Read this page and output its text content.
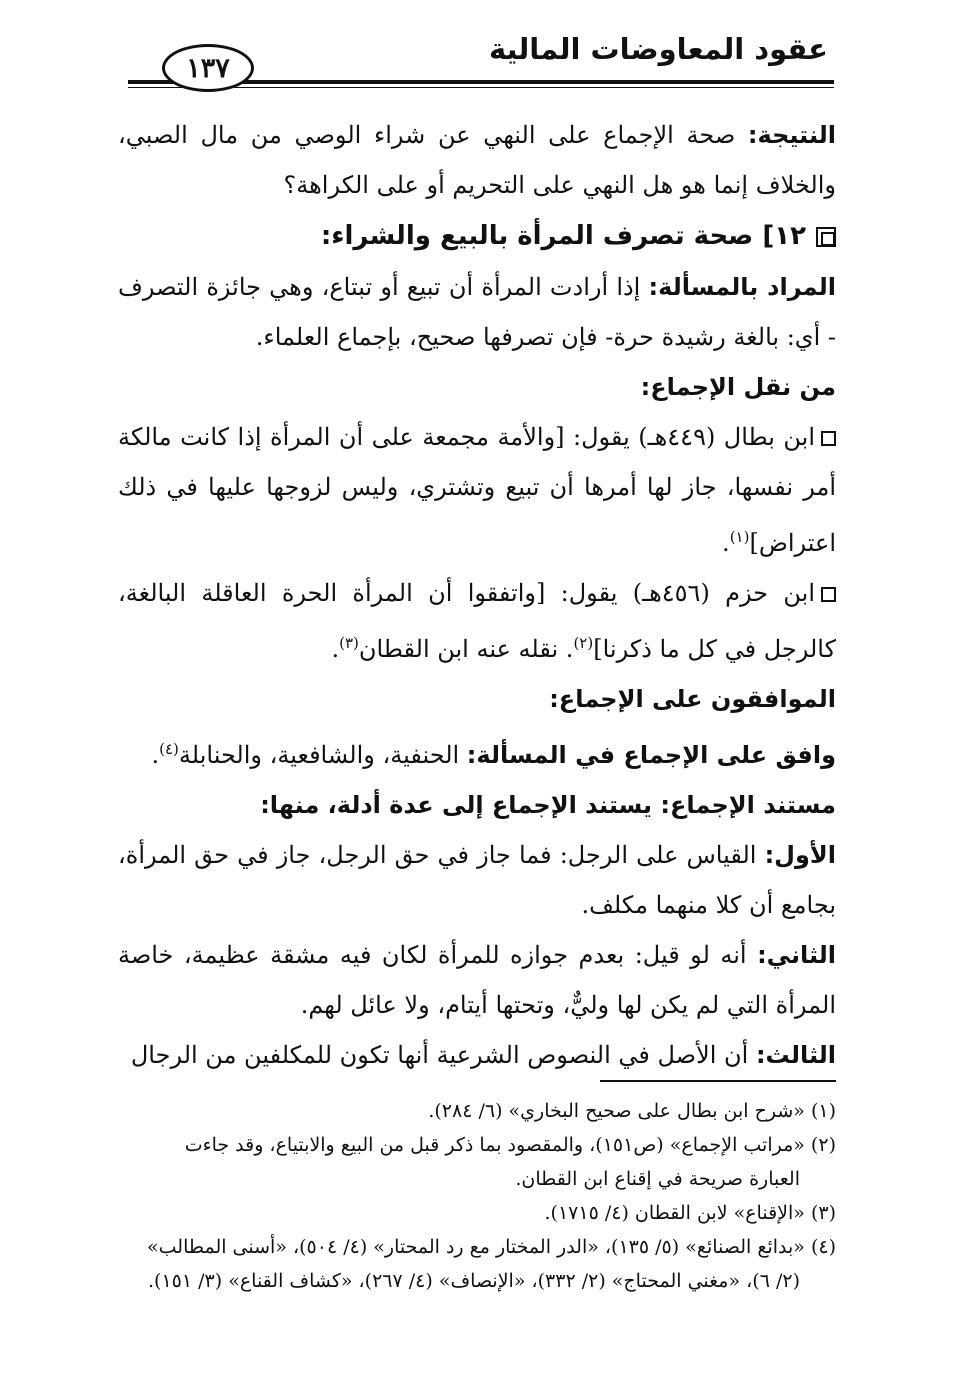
عقود المعاوضات المالية
١٣٧

النتيجة: صحة الإجماع على النهي عن شراء الوصي من مال الصبي، والخلاف إنما هو هل النهي على التحريم أو على الكراهة؟

١٢] صحة تصرف المرأة بالبيع والشراء:

المراد بالمسألة: إذا أرادت المرأة أن تبيع أو تبتاع، وهي جائزة التصرف - أي: بالغة رشيدة حرة- فإن تصرفها صحيح، بإجماع العلماء.

من نقل الإجماع:

ابن بطال (٤٤٩هـ) يقول: [والأمة مجمعة على أن المرأة إذا كانت مالكة أمر نفسها، جاز لها أمرها أن تبيع وتشتري، وليس لزوجها عليها في ذلك اعتراض]$^{(١)}$.

ابن حزم (٤٥٦هـ) يقول: [واتفقوا أن المرأة الحرة العاقلة البالغة، كالرجل في كل ما ذكرنا]$^{(٢)}$. نقله عنه ابن القطان$^{(٣)}$.

الموافقون على الإجماع:

وافق على الإجماع في المسألة: الحنفية، والشافعية، والحنابلة$^{(٤)}$.

مستند الإجماع: يستند الإجماع إلى عدة أدلة، منها:

الأول: القياس على الرجل: فما جاز في حق الرجل، جاز في حق المرأة، بجامع أن كلا منهما مكلف.

الثاني: أنه لو قيل: بعدم جوازه للمرأة لكان فيه مشقة عظيمة، خاصة المرأة التي لم يكن لها وليٌّ، وتحتها أيتام، ولا عائل لهم.

الثالث: أن الأصل في النصوص الشرعية أنها تكون للمكلفين من الرجال

(١) «شرح ابن بطال على صحيح البخاري» (٦/ ٢٨٤).

(٢) «مراتب الإجماع» (ص١٥١)، والمقصود بما ذكر قبل من البيع والابتياع، وقد جاءت

العبارة صريحة في إقناع ابن القطان.

(٣) «الإقناع» لابن القطان (٤/ ١٧١٥).

(٤) «بدائع الصنائع» (٥/ ١٣٥)، «الدر المختار مع رد المحتار» (٤/ ٥٠٤)، «أسنى المطالب»

(٢/ ٦)، «مغني المحتاج» (٢/ ٣٣٢)، «الإنصاف» (٤/ ٢٦٧)، «كشاف القناع» (٣/ ١٥١).
